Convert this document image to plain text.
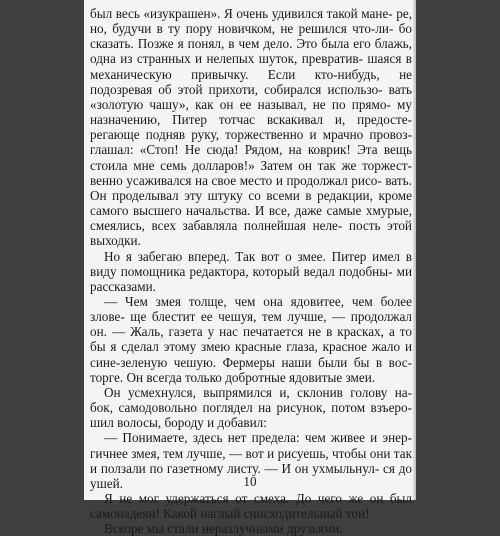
был весь «изукрашен». Я очень удивился такой мане- ре, но, будучи в ту пору новичком, не решился что-ли- бо сказать. Позже я понял, в чем дело. Это была его блажь, одна из странных и нелепых шуток, превратив- шаяся в механическую привычку. Если кто-нибудь, не подозревая об этой прихоти, собирался использо- вать «золотую чашу», как он ее называл, не по прямо- му назначению, Питер тотчас вскакивал и, предосте- регающе подняв руку, торжественно и мрачно провоз- глашал: «Стоп! Не сюда! Рядом, на коврик! Эта вещь стоила мне семь долларов!» Затем он так же торжест- венно усаживался на свое место и продолжал рисо- вать. Он проделывал эту штуку со всеми в редакции, кроме самого высшего начальства. И все, даже самые хмурые, смеялись, всех забавляла полнейшая неле- пость этой выходки.

Но я забегаю вперед. Так вот о змее. Питер имел в виду помощника редактора, который ведал подобны- ми рассказами.

— Чем змея толще, чем она ядовитее, чем более злове- ще блестит ее чешуя, тем лучше, — продолжал он. — Жаль, газета у нас печатается не в красках, а то бы я сделал этому змею красные глаза, красное жало и сине-зеленую чешую. Фермеры наши были бы в вос- торге. Он всегда только добротные ядовитые змеи.

Он усмехнулся, выпрямился и, склонив голову на- бок, самодовольно поглядел на рисунок, потом взъеро- шил волосы, бороду и добавил:

— Понимаете, здесь нет предела: чем живее и энер- гичнее змея, тем лучше, — вот и рисуешь, чтобы они так и ползали по газетному листу. — И он ухмыльнул- ся до ушей.

Я не мог удержаться от смеха. До чего же он был самонадеян! Какой наглый снисходительный тон!

Вскоре мы стали неразлучными друзьями.

10
